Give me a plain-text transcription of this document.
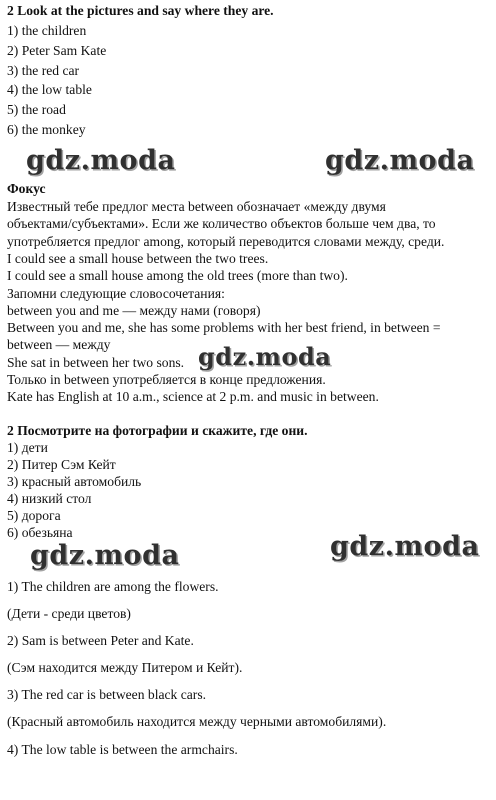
2 Look at the pictures and say where they are.
1) the children
2) Peter Sam Kate
3) the red car
4) the low table
5) the road
6) the monkey
gdz.moda	gdz.moda
Фокус
Известный тебе предлог места between обозначает «между двумя
объектами/субъектами». Если же количество объектов больше чем два, то
употребляется предлог among, который переводится словами между, среди.
I could see a small house between the two trees.
I could see a small house among the old trees (more than two).
Запомни следующие словосочетания:
between you and me — между нами (говоря)
Between you and me, she has some problems with her best friend, in between =
between — между
She sat in between her two sons.
Только in between употребляется в конце предложения.
Kate has English at 10 a.m., science at 2 p.m. and music in between.
gdz.moda
2 Посмотрите на фотографии и скажите, где они.
1) дети
2) Питер Сэм Кейт
3) красный автомобиль
4) низкий стол
5) дорога
6) обезьяна
gdz.moda	gdz.moda
1) The children are among the flowers.
(Дети - среди цветов)
2) Sam is between Peter and Kate.
(Сэм находится между Питером и Кейт).
3) The red car is between black cars.
(Красный автомобиль находится между черными автомобилями).
4) The low table is between the armchairs.
